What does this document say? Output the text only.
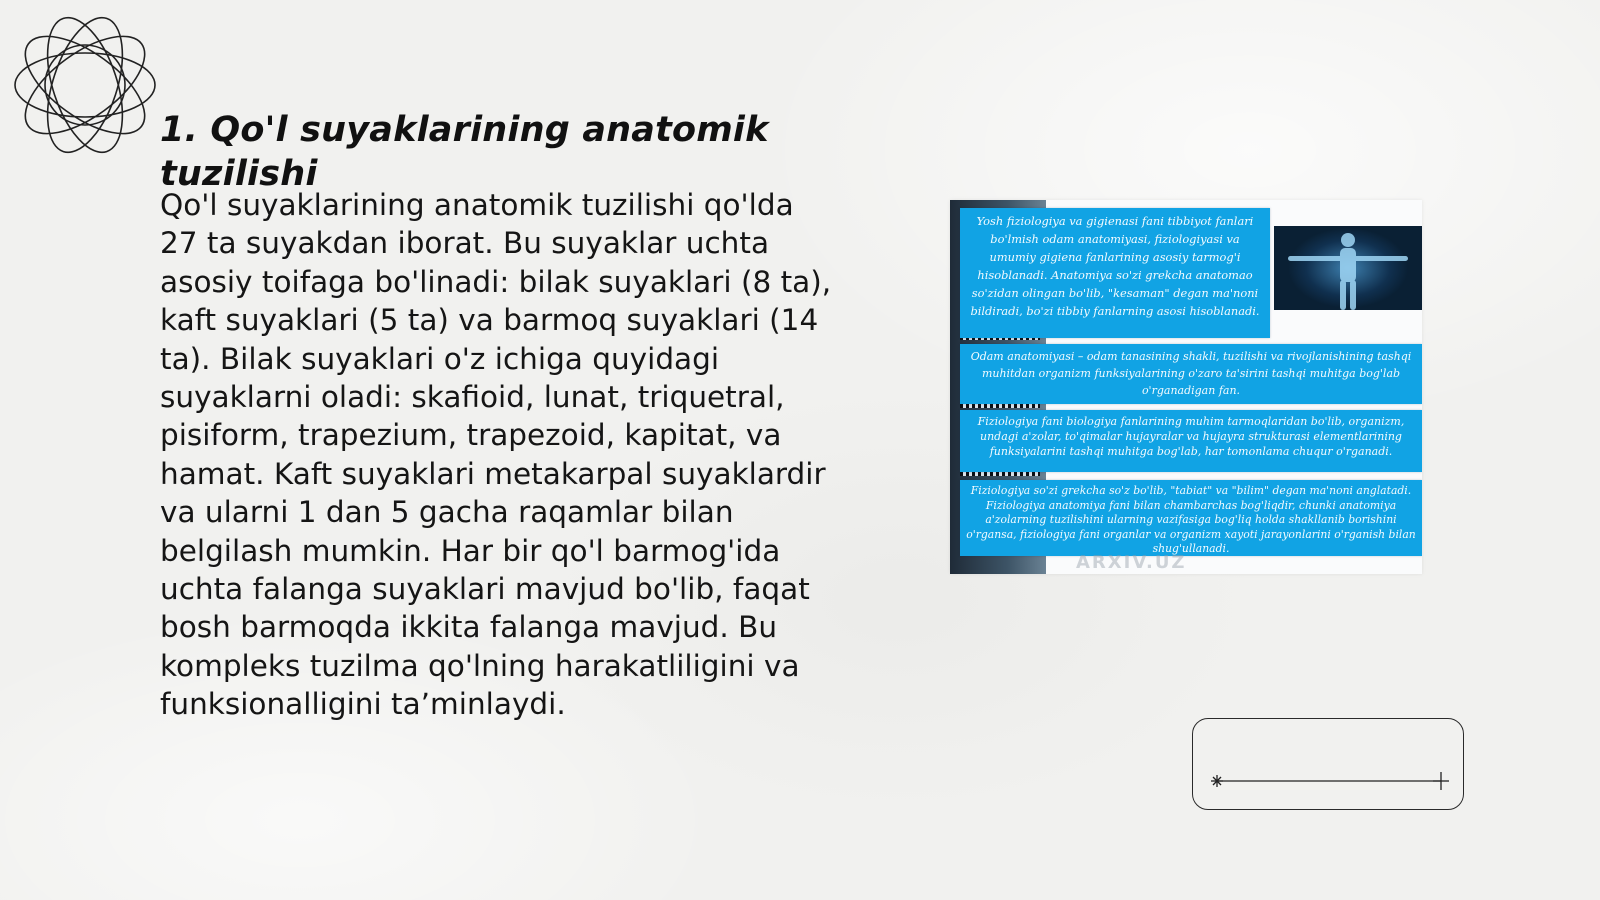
1. Qo'l suyaklarining anatomik tuzilishi

Qo'l suyaklarining anatomik tuzilishi qo'lda 27 ta suyakdan iborat. Bu suyaklar uchta asosiy toifaga bo'linadi: bilak suyaklari (8 ta), kaft suyaklari (5 ta) va barmoq suyaklari (14 ta). Bilak suyaklari o'z ichiga quyidagi suyaklarni oladi: skafioid, lunat, triquetral, pisiform, trapezium, trapezoid, kapitat, va hamat. Kaft suyaklari metakarpal suyaklardir va ularni 1 dan 5 gacha raqamlar bilan belgilash mumkin. Har bir qo'l barmog'ida uchta falanga suyaklari mavjud bo'lib, faqat bosh barmoqda ikkita falanga mavjud. Bu kompleks tuzilma qo'lning harakatliligini va funksionalligini taʼminlaydi.

Yosh fiziologiya va gigienasi fani tibbiyot fanlari bo'lmish odam anatomiyasi, fiziologiyasi va umumiy gigiena fanlarining asosiy tarmog'i hisoblanadi. Anatomiya so'zi grekcha anatomao so'zidan olingan bo'lib, "kesaman" degan ma'noni bildiradi, bo'zi tibbiy fanlarning asosi hisoblanadi.
Odam anatomiyasi – odam tanasining shakli, tuzilishi va rivojlanishining tashqi muhitdan organizm funksiyalarining o'zaro ta'sirini tashqi muhitga bog'lab o'rganadigan fan.
Fiziologiya fani biologiya fanlarining muhim tarmoqlaridan bo'lib, organizm, undagi a'zolar, to'qimalar hujayralar va hujayra strukturasi elementlarining funksiyalarini tashqi muhitga bog'lab, har tomonlama chuqur o'rganadi.
Fiziologiya so'zi grekcha so'z bo'lib, "tabiat" va "bilim" degan ma'noni anglatadi. Fiziologiya anatomiya fani bilan chambarchas bog'liqdir, chunki anatomiya a'zolarning tuzilishini ularning vazifasiga bog'liq holda shakllanib borishini o'rgansa, fiziologiya fani organlar va organizm xayoti jarayonlarini o'rganish bilan shug'ullanadi.

ARXIV.UZ
